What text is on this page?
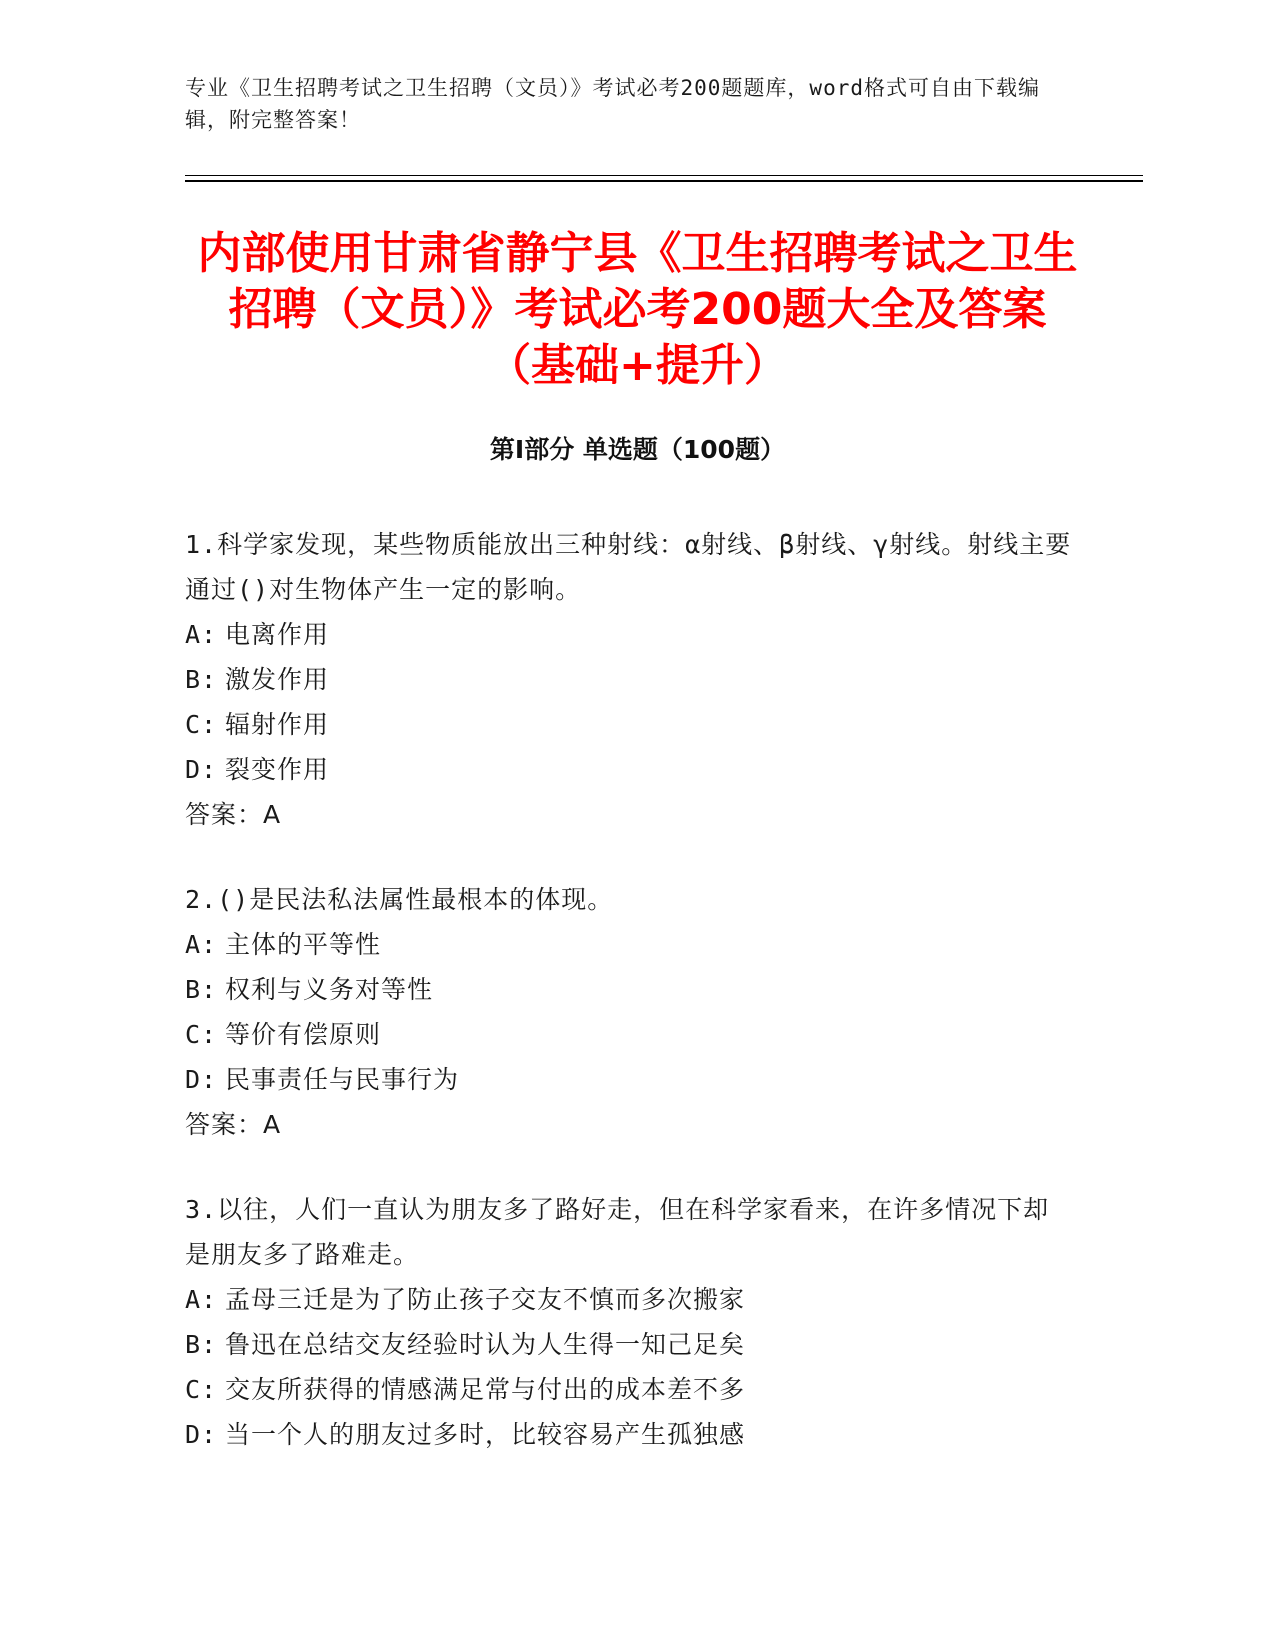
专业《卫生招聘考试之卫生招聘（文员）》考试必考200题题库，word格式可自由下载编辑，附完整答案！
内部使用甘肃省静宁县《卫生招聘考试之卫生招聘（文员）》考试必考200题大全及答案（基础+提升）
第I部分 单选题（100题）
1.科学家发现，某些物质能放出三种射线：α射线、β射线、γ射线。射线主要通过()对生物体产生一定的影响。
A: 电离作用
B: 激发作用
C: 辐射作用
D: 裂变作用
答案：A
2.()是民法私法属性最根本的体现。
A: 主体的平等性
B: 权利与义务对等性
C: 等价有偿原则
D: 民事责任与民事行为
答案：A
3.以往，人们一直认为朋友多了路好走，但在科学家看来，在许多情况下却是朋友多了路难走。
A: 孟母三迁是为了防止孩子交友不慎而多次搬家
B: 鲁迅在总结交友经验时认为人生得一知己足矣
C: 交友所获得的情感满足常与付出的成本差不多
D: 当一个人的朋友过多时，比较容易产生孤独感
